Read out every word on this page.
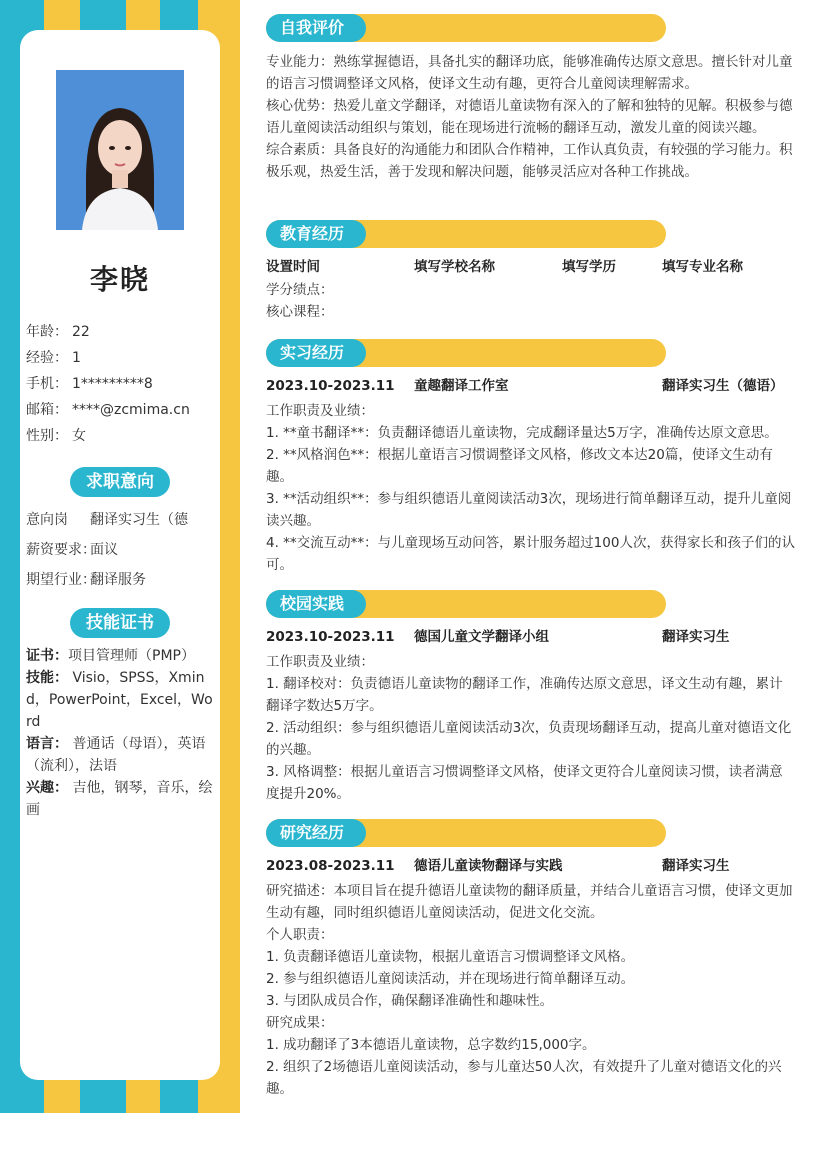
李晓
年龄： 22
经验： 1
手机： 1*********8
邮箱： ****@zcmima.cn
性别： 女
求职意向
意向岗 翻译实习生（德
薪资要求：面议
期望行业：翻译服务
技能证书
证书：项目管理师（PMP）
技能： Visio，SPSS，Xmind，PowerPoint，Excel，Word
语言： 普通话（母语），英语（流利），法语
兴趣： 吉他，钢琴，音乐，绘画
自我评价
专业能力：熟练掌握德语，具备扎实的翻译功底，能够准确传达原文意思。擅长针对儿童的语言习惯调整译文风格，使译文生动有趣，更符合儿童阅读理解需求。
核心优势：热爱儿童文学翻译，对德语儿童读物有深入的了解和独特的见解。积极参与德语儿童阅读活动组织与策划，能在现场进行流畅的翻译互动，激发儿童的阅读兴趣。
综合素质：具备良好的沟通能力和团队合作精神，工作认真负责，有较强的学习能力。积极乐观，热爱生活，善于发现和解决问题，能够灵活应对各种工作挑战。
教育经历
设置时间	填写学校名称	填写学历	填写专业名称
学分绩点：
核心课程：
实习经历
2023.10-2023.11 童趣翻译工作室	翻译实习生（德语）
工作职责及业绩：
1. **童书翻译**：负责翻译德语儿童读物，完成翻译量达5万字，准确传达原文意思。
2. **风格润色**：根据儿童语言习惯调整译文风格，修改文本达20篇，使译文生动有趣。
3. **活动组织**：参与组织德语儿童阅读活动3次，现场进行简单翻译互动，提升儿童阅读兴趣。
4. **交流互动**：与儿童现场互动问答，累计服务超过100人次，获得家长和孩子们的认可。
校园实践
2023.10-2023.11 德国儿童文学翻译小组	翻译实习生
工作职责及业绩：
1. 翻译校对：负责德语儿童读物的翻译工作，准确传达原文意思，译文生动有趣，累计翻译字数达5万字。
2. 活动组织：参与组织德语儿童阅读活动3次，负责现场翻译互动，提高儿童对德语文化的兴趣。
3. 风格调整：根据儿童语言习惯调整译文风格，使译文更符合儿童阅读习惯，读者满意度提升20%。
研究经历
2023.08-2023.11 德语儿童读物翻译与实践	翻译实习生
研究描述：本项目旨在提升德语儿童读物的翻译质量，并结合儿童语言习惯，使译文更加生动有趣，同时组织德语儿童阅读活动，促进文化交流。
个人职责：
1. 负责翻译德语儿童读物，根据儿童语言习惯调整译文风格。
2. 参与组织德语儿童阅读活动，并在现场进行简单翻译互动。
3. 与团队成员合作，确保翻译准确性和趣味性。
研究成果：
1. 成功翻译了3本德语儿童读物，总字数约15,000字。
2. 组织了2场德语儿童阅读活动，参与儿童达50人次，有效提升了儿童对德语文化的兴趣。
